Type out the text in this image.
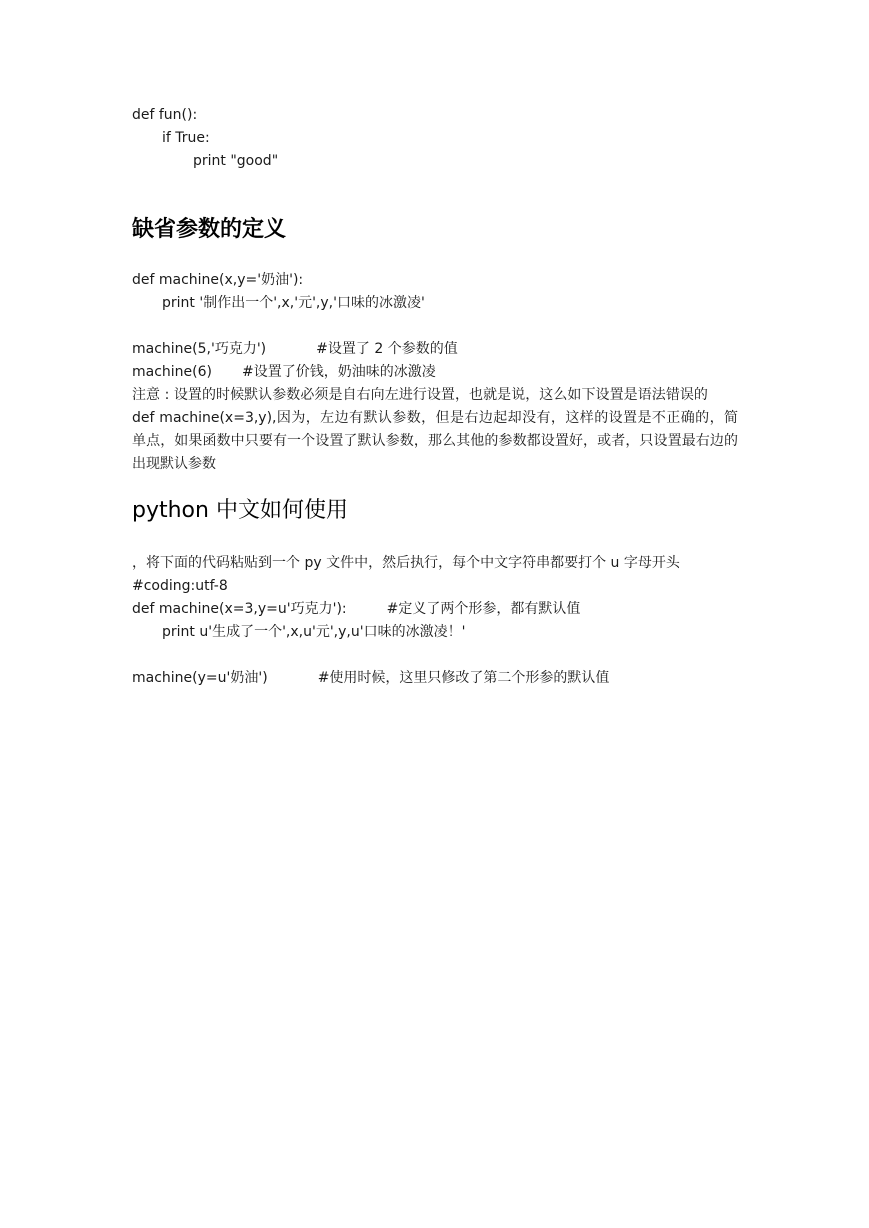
def fun():
if True:
print "good"
缺省参数的定义
def machine(x,y='奶油'):
print '制作出一个',x,'元',y,'口味的冰激凌'
machine(5,'巧克力')	#设置了 2 个参数的值
machine(6) #设置了价钱，奶油味的冰激凌
注意 : 设置的时候默认参数必须是自右向左进行设置，也就是说，这么如下设置是语法错误的def machine(x=3,y),因为，左边有默认参数，但是右边起却没有，这样的设置是不正确的，简单点，如果函数中只要有一个设置了默认参数，那么其他的参数都设置好，或者，只设置最右边的出现默认参数
python 中文如何使用
，将下面的代码粘贴到一个 py 文件中，然后执行，每个中文字符串都要打个 u 字母开头
#coding:utf-8
def machine(x=3,y=u'巧克力'):	#定义了两个形参，都有默认值
print u'生成了一个',x,u'元',y,u'口味的冰激凌！'
machine(y=u'奶油')	#使用时候，这里只修改了第二个形参的默认值
